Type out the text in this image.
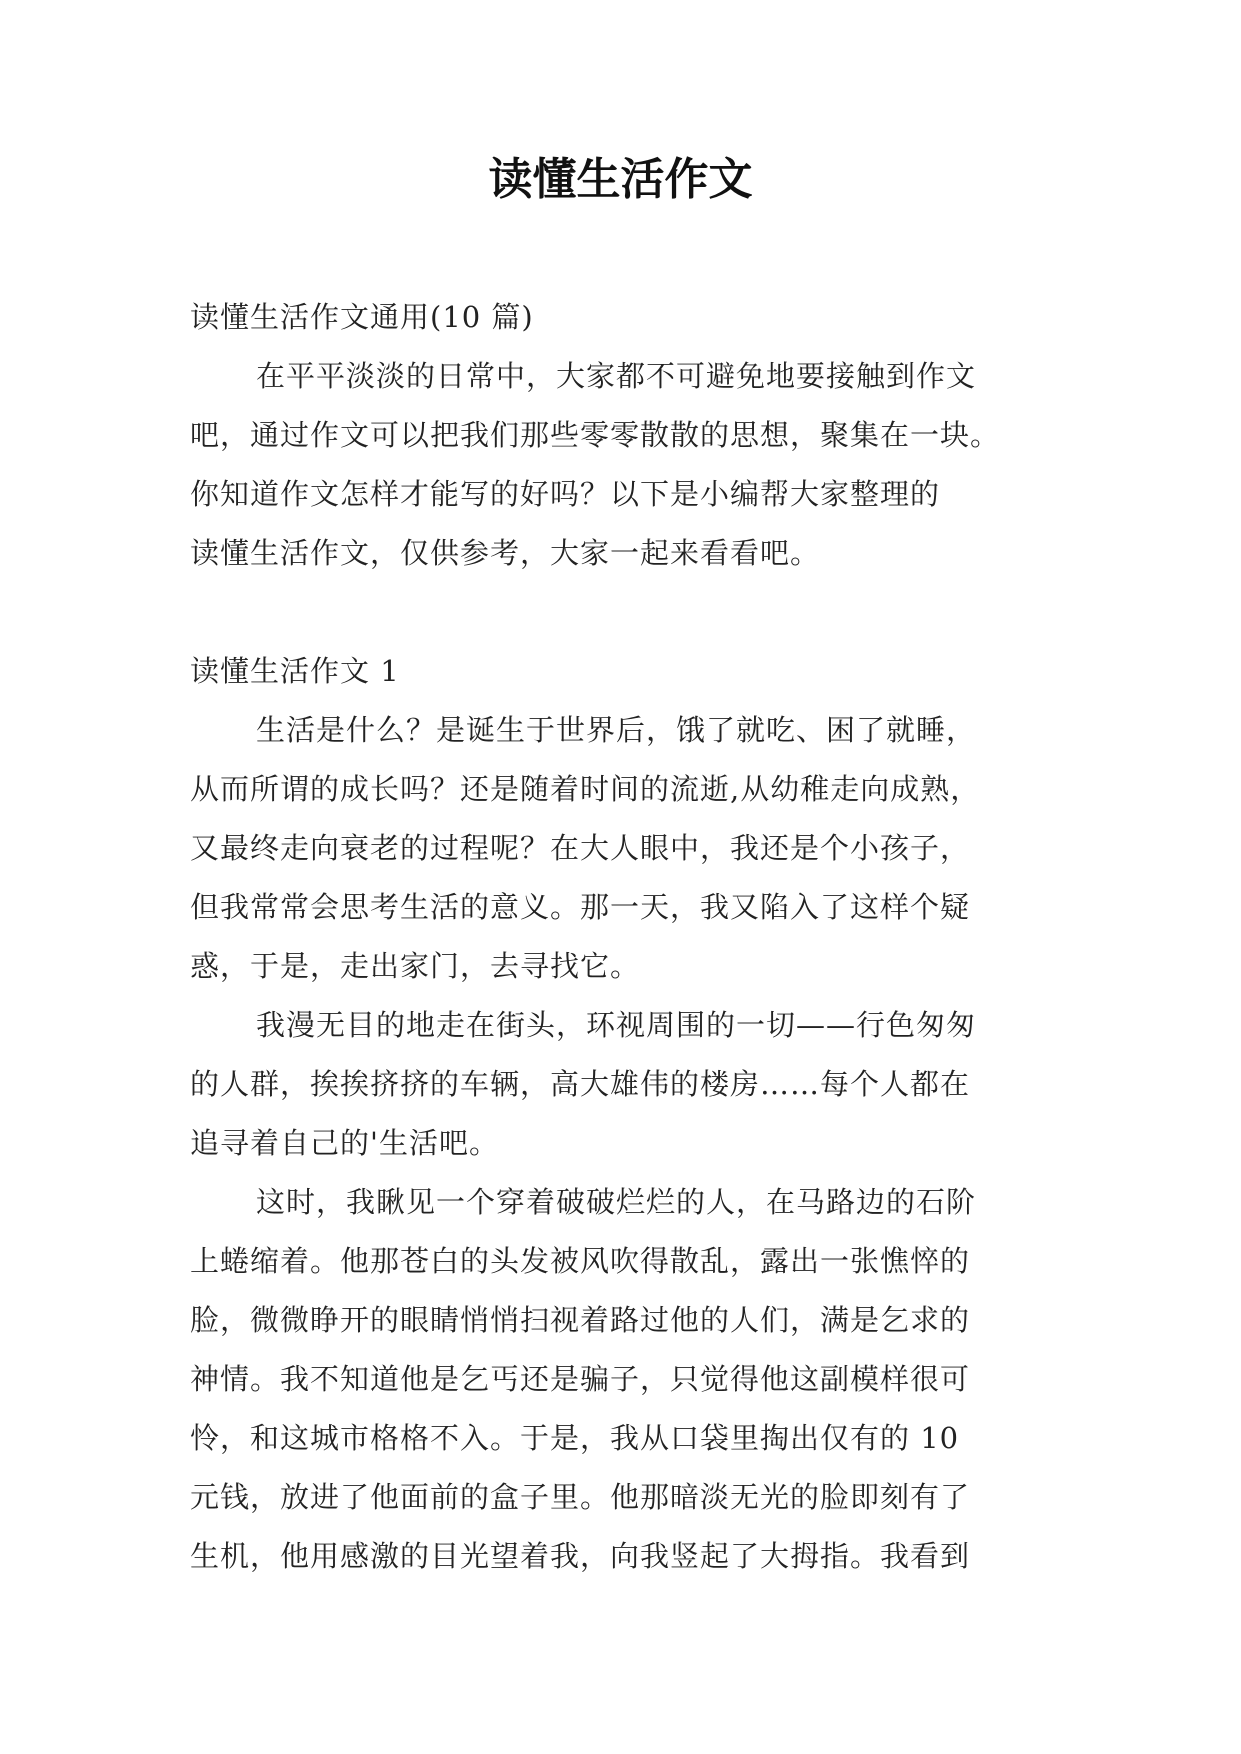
读懂生活作文

读懂生活作文通用(10 篇)

在平平淡淡的日常中，大家都不可避免地要接触到作文

吧，通过作文可以把我们那些零零散散的思想，聚集在一块。

你知道作文怎样才能写的好吗？以下是小编帮大家整理的

读懂生活作文，仅供参考，大家一起来看看吧。

读懂生活作文 1

生活是什么？是诞生于世界后，饿了就吃、困了就睡，

从而所谓的成长吗？还是随着时间的流逝,从幼稚走向成熟，

又最终走向衰老的过程呢？在大人眼中，我还是个小孩子，

但我常常会思考生活的意义。那一天，我又陷入了这样个疑

惑，于是，走出家门，去寻找它。

我漫无目的地走在街头，环视周围的一切——行色匆匆

的人群，挨挨挤挤的车辆，高大雄伟的楼房……每个人都在

追寻着自己的'生活吧。

这时，我瞅见一个穿着破破烂烂的人，在马路边的石阶

上蜷缩着。他那苍白的头发被风吹得散乱，露出一张憔悴的

脸，微微睁开的眼睛悄悄扫视着路过他的人们，满是乞求的

神情。我不知道他是乞丐还是骗子，只觉得他这副模样很可

怜，和这城市格格不入。于是，我从口袋里掏出仅有的 10

元钱，放进了他面前的盒子里。他那暗淡无光的脸即刻有了

生机，他用感激的目光望着我，向我竖起了大拇指。我看到
